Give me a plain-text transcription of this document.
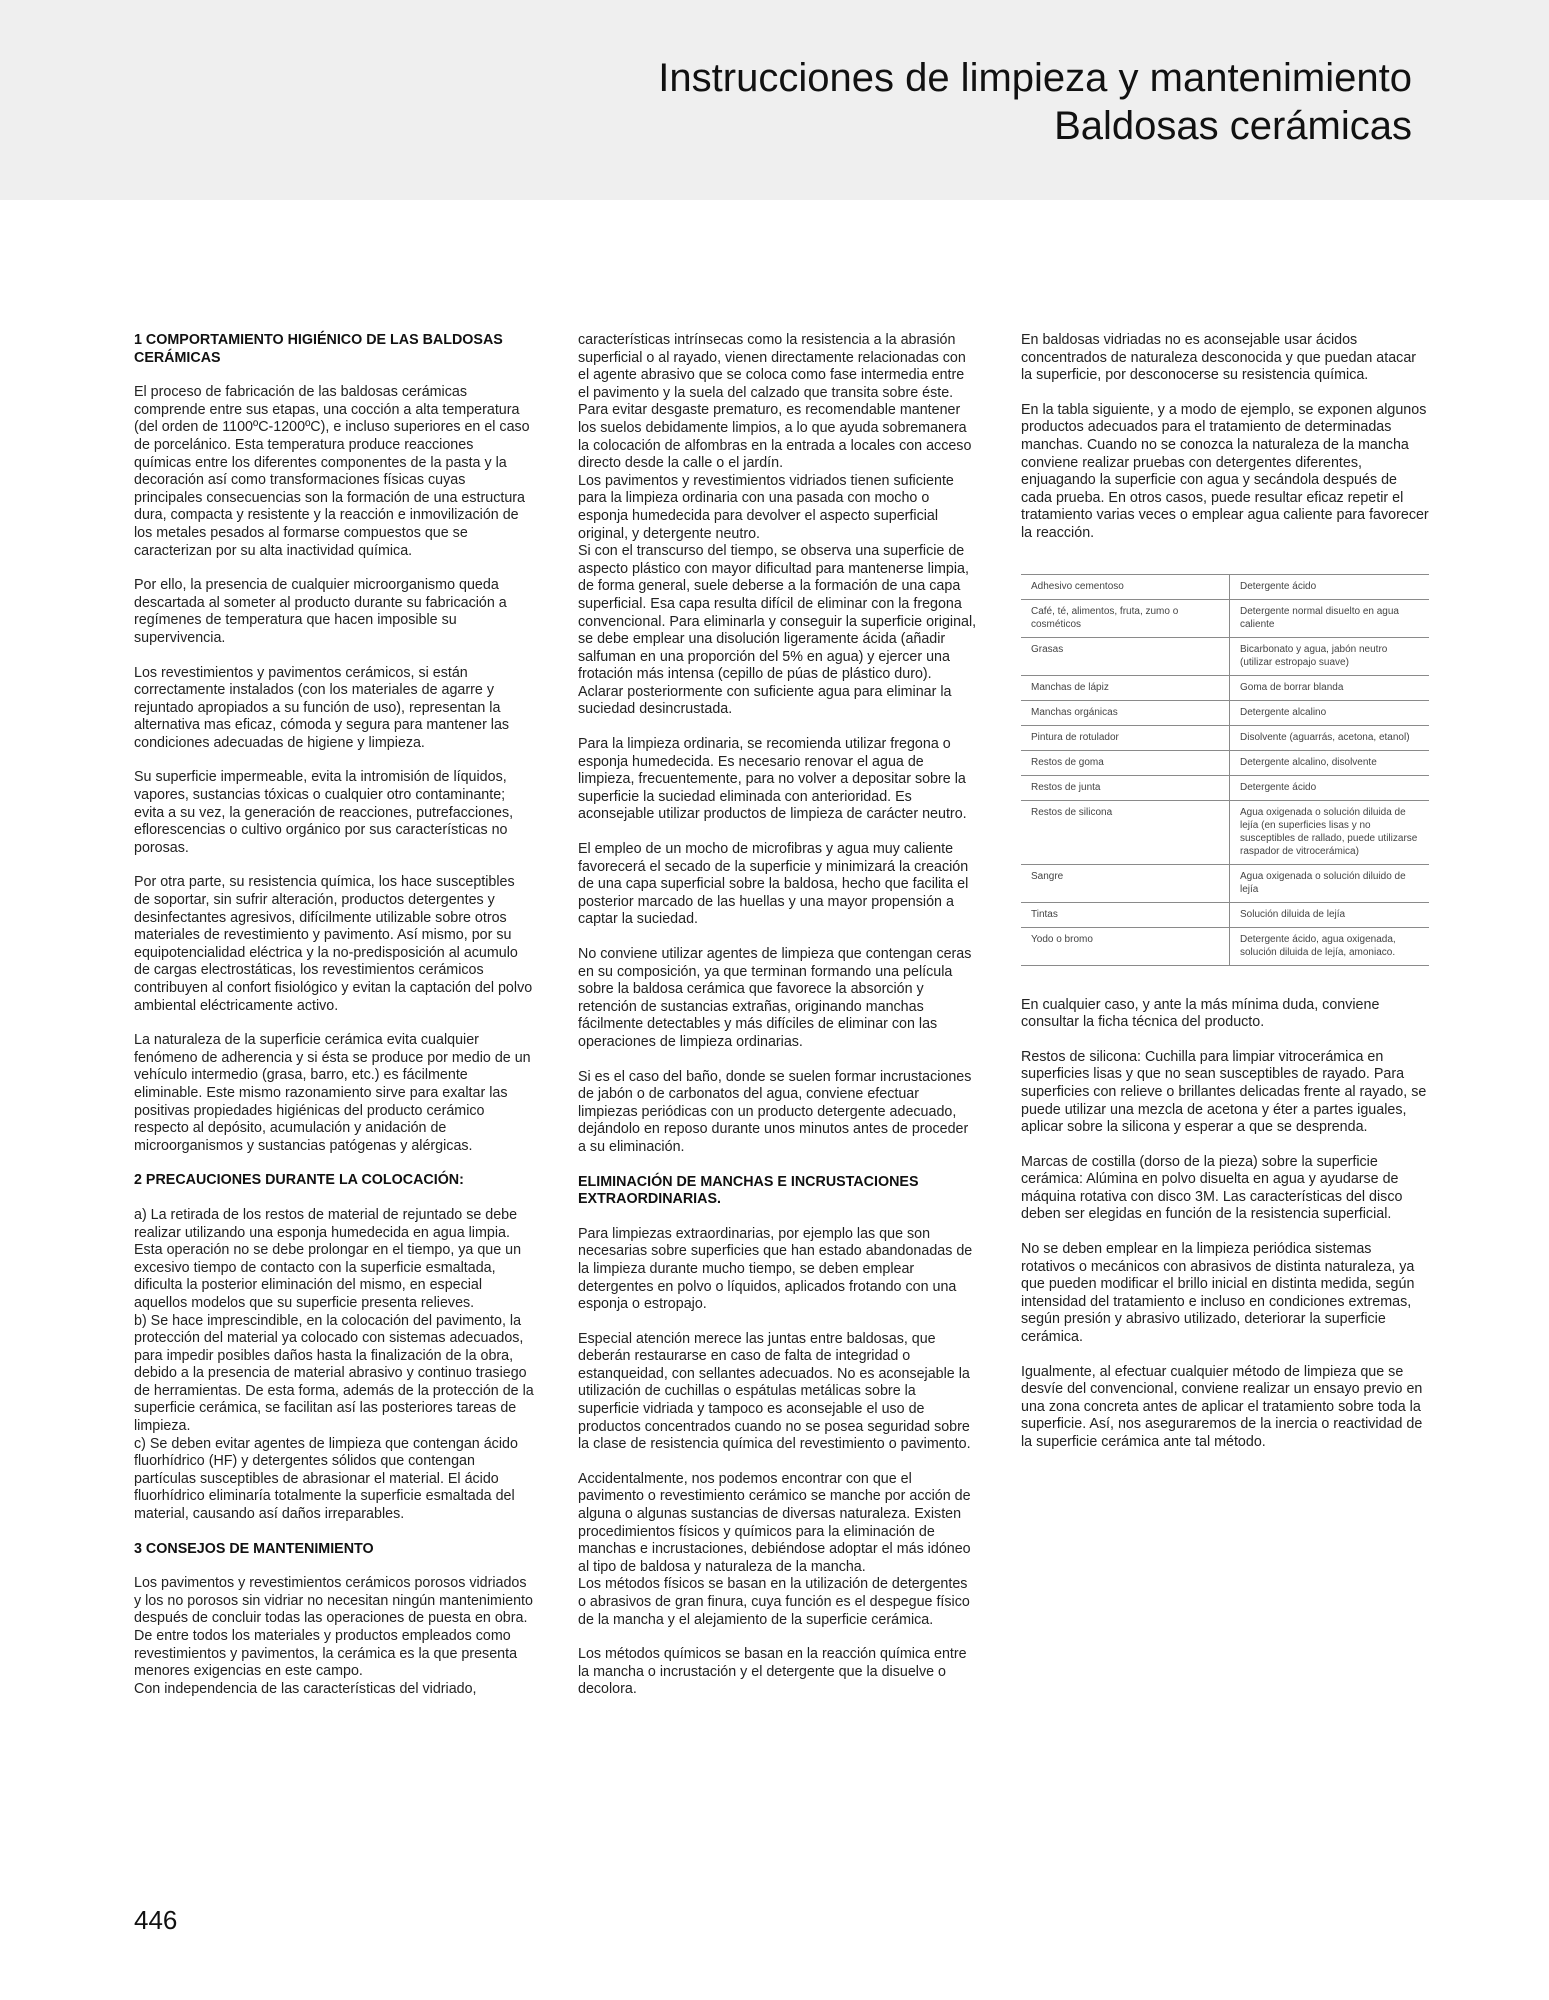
Instrucciones de limpieza y mantenimiento
Baldosas cerámicas
1 COMPORTAMIENTO HIGIÉNICO DE LAS BALDOSAS CERÁMICAS

El proceso de fabricación de las baldosas cerámicas comprende entre sus etapas, una cocción a alta temperatura (del orden de 1100ºC-1200ºC), e incluso superiores en el caso de porcelánico. Esta temperatura produce reacciones químicas entre los diferentes componentes de la pasta y la decoración así como transformaciones físicas cuyas principales consecuencias son la formación de una estructura dura, compacta y resistente y la reacción e inmovilización de los metales pesados al formarse compuestos que se caracterizan por su alta inactividad química.

Por ello, la presencia de cualquier microorganismo queda descartada al someter al producto durante su fabricación a regímenes de temperatura que hacen imposible su supervivencia.

Los revestimientos y pavimentos cerámicos, si están correctamente instalados (con los materiales de agarre y rejuntado apropiados a su función de uso), representan la alternativa mas eficaz, cómoda y segura para mantener las condiciones adecuadas de higiene y limpieza.

Su superficie impermeable, evita la intromisión de líquidos, vapores, sustancias tóxicas o cualquier otro contaminante; evita a su vez, la generación de reacciones, putrefacciones, eflorescencias o cultivo orgánico por sus características no porosas.

Por otra parte, su resistencia química, los hace susceptibles de soportar, sin sufrir alteración, productos detergentes y desinfectantes agresivos, difícilmente utilizable sobre otros materiales de revestimiento y pavimento. Así mismo, por su equipotencialidad eléctrica y la no-predisposición al acumulo de cargas electrostáticas, los revestimientos cerámicos contribuyen al confort fisiológico y evitan la captación del polvo ambiental eléctricamente activo.

La naturaleza de la superficie cerámica evita cualquier fenómeno de adherencia y si ésta se produce por medio de un vehículo intermedio (grasa, barro, etc.) es fácilmente eliminable. Este mismo razonamiento sirve para exaltar las positivas propiedades higiénicas del producto cerámico respecto al depósito, acumulación y anidación de microorganismos y sustancias patógenas y alérgicas.

2 PRECAUCIONES DURANTE LA COLOCACIÓN:

a) La retirada de los restos de material de rejuntado se debe realizar utilizando una esponja humedecida en agua limpia. Esta operación no se debe prolongar en el tiempo, ya que un excesivo tiempo de contacto con la superficie esmaltada, dificulta la posterior eliminación del mismo, en especial aquellos modelos que su superficie presenta relieves.

b) Se hace imprescindible, en la colocación del pavimento, la protección del material ya colocado con sistemas adecuados, para impedir posibles daños hasta la finalización de la obra, debido a la presencia de material abrasivo y continuo trasiego de herramientas. De esta forma, además de la protección de la superficie cerámica, se facilitan así las posteriores tareas de limpieza.

c) Se deben evitar agentes de limpieza que contengan ácido fluorhídrico (HF) y detergentes sólidos que contengan partículas susceptibles de abrasionar el material. El ácido fluorhídrico eliminaría totalmente la superficie esmaltada del material, causando así daños irreparables.

3 CONSEJOS DE MANTENIMIENTO

Los pavimentos y revestimientos cerámicos porosos vidriados y los no porosos sin vidriar no necesitan ningún mantenimiento después de concluir todas las operaciones de puesta en obra. De entre todos los materiales y productos empleados como revestimientos y pavimentos, la cerámica es la que presenta menores exigencias en este campo.

Con independencia de las características del vidriado,

características intrínsecas como la resistencia a la abrasión superficial o al rayado, vienen directamente relacionadas con el agente abrasivo que se coloca como fase intermedia entre el pavimento y la suela del calzado que transita sobre éste. Para evitar desgaste prematuro, es recomendable mantener los suelos debidamente limpios, a lo que ayuda sobremanera la colocación de alfombras en la entrada a locales con acceso directo desde la calle o el jardín.

Los pavimentos y revestimientos vidriados tienen suficiente para la limpieza ordinaria con una pasada con mocho o esponja humedecida para devolver el aspecto superficial original, y detergente neutro.

Si con el transcurso del tiempo, se observa una superficie de aspecto plástico con mayor dificultad para mantenerse limpia, de forma general, suele deberse a la formación de una capa superficial. Esa capa resulta difícil de eliminar con la fregona convencional. Para eliminarla y conseguir la superficie original, se debe emplear una disolución ligeramente ácida (añadir salfuman en una proporción del 5% en agua) y ejercer una frotación más intensa (cepillo de púas de plástico duro). Aclarar posteriormente con suficiente agua para eliminar la suciedad desincrustada.

Para la limpieza ordinaria, se recomienda utilizar fregona o esponja humedecida. Es necesario renovar el agua de limpieza, frecuentemente, para no volver a depositar sobre la superficie la suciedad eliminada con anterioridad. Es aconsejable utilizar productos de limpieza de carácter neutro.

El empleo de un mocho de microfibras y agua muy caliente favorecerá el secado de la superficie y minimizará la creación de una capa superficial sobre la baldosa, hecho que facilita el posterior marcado de las huellas y una mayor propensión a captar la suciedad.

No conviene utilizar agentes de limpieza que contengan ceras en su composición, ya que terminan formando una película sobre la baldosa cerámica que favorece la absorción y retención de sustancias extrañas, originando manchas fácilmente detectables y más difíciles de eliminar con las operaciones de limpieza ordinarias.

Si es el caso del baño, donde se suelen formar incrustaciones de jabón o de carbonatos del agua, conviene efectuar limpiezas periódicas con un producto detergente adecuado, dejándolo en reposo durante unos minutos antes de proceder a su eliminación.

ELIMINACIÓN DE MANCHAS E INCRUSTACIONES EXTRAORDINARIAS.

Para limpiezas extraordinarias, por ejemplo las que son necesarias sobre superficies que han estado abandonadas de la limpieza durante mucho tiempo, se deben emplear detergentes en polvo o líquidos, aplicados frotando con una esponja o estropajo.

Especial atención merece las juntas entre baldosas, que deberán restaurarse en caso de falta de integridad o estanqueidad, con sellantes adecuados. No es aconsejable la utilización de cuchillas o espátulas metálicas sobre la superficie vidriada y tampoco es aconsejable el uso de productos concentrados cuando no se posea seguridad sobre la clase de resistencia química del revestimiento o pavimento.

Accidentalmente, nos podemos encontrar con que el pavimento o revestimiento cerámico se manche por acción de alguna o algunas sustancias de diversas naturaleza. Existen procedimientos físicos y químicos para la eliminación de manchas e incrustaciones, debiéndose adoptar el más idóneo al tipo de baldosa y naturaleza de la mancha.

Los métodos físicos se basan en la utilización de detergentes o abrasivos de gran finura, cuya función es el despegue físico de la mancha y el alejamiento de la superficie cerámica.

Los métodos químicos se basan en la reacción química entre la mancha o incrustación y el detergente que la disuelve o decolora.

En baldosas vidriadas no es aconsejable usar ácidos concentrados de naturaleza desconocida y que puedan atacar la superficie, por desconocerse su resistencia química.

En la tabla siguiente, y a modo de ejemplo, se exponen algunos productos adecuados para el tratamiento de determinadas manchas. Cuando no se conozca la naturaleza de la mancha conviene realizar pruebas con detergentes diferentes, enjuagando la superficie con agua y secándola después de cada prueba. En otros casos, puede resultar eficaz repetir el tratamiento varias veces o emplear agua caliente para favorecer la reacción.

Adhesivo cementoso	Detergente ácido
Café, té, alimentos, fruta, zumo o cosméticos	Detergente normal disuelto en agua caliente
Grasas	Bicarbonato y agua, jabón neutro (utilizar estropajo suave)
Manchas de lápiz	Goma de borrar blanda
Manchas orgánicas	Detergente alcalino
Pintura de rotulador	Disolvente (aguarrás, acetona, etanol)
Restos de goma	Detergente alcalino, disolvente
Restos de junta	Detergente ácido
Restos de silicona	Agua oxigenada o solución diluida de lejía (en superficies lisas y no susceptibles de rallado, puede utilizarse raspador de vitrocerámica)
Sangre	Agua oxigenada o solución diluido de lejía
Tintas	Solución diluida de lejía
Yodo o bromo	Detergente ácido, agua oxigenada, solución diluida de lejía, amoniaco.

En cualquier caso, y ante la más mínima duda, conviene consultar la ficha técnica del producto.

Restos de silicona: Cuchilla para limpiar vitrocerámica en superficies lisas y que no sean susceptibles de rayado. Para superficies con relieve o brillantes delicadas frente al rayado, se puede utilizar una mezcla de acetona y éter a partes iguales, aplicar sobre la silicona y esperar a que se desprenda.

Marcas de costilla (dorso de la pieza) sobre la superficie cerámica: Alúmina en polvo disuelta en agua y ayudarse de máquina rotativa con disco 3M. Las características del disco deben ser elegidas en función de la resistencia superficial.

No se deben emplear en la limpieza periódica sistemas rotativos o mecánicos con abrasivos de distinta naturaleza, ya que pueden modificar el brillo inicial en distinta medida, según intensidad del tratamiento e incluso en condiciones extremas, según presión y abrasivo utilizado, deteriorar la superficie cerámica.

Igualmente, al efectuar cualquier método de limpieza que se desvíe del convencional, conviene realizar un ensayo previo en una zona concreta antes de aplicar el tratamiento sobre toda la superficie. Así, nos aseguraremos de la inercia o reactividad de la superficie cerámica ante tal método.

446
